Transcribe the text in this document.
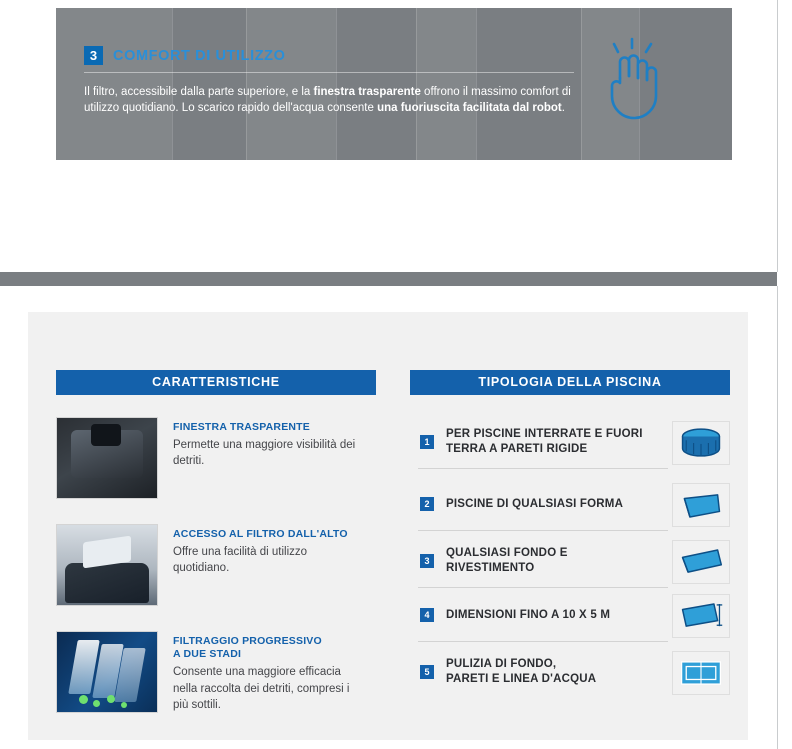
3	COMFORT DI UTILIZZO
Il filtro, accessibile dalla parte superiore, e la finestra trasparente offrono il massimo comfort di utilizzo quotidiano. Lo scarico rapido dell'acqua consente una fuoriuscita facilitata dal robot.
CARATTERISTICHE	TIPOLOGIA DELLA PISCINA
FINESTRA TRASPARENTE
Permette una maggiore visibilità dei detriti.
ACCESSO AL FILTRO DALL'ALTO
Offre una facilità di utilizzo quotidiano.
FILTRAGGIO PROGRESSIVO
A DUE STADI
Consente una maggiore efficacia nella raccolta dei detriti, compresi i più sottili.
1
PER PISCINE INTERRATE E FUORI
TERRA A PARETI RIGIDE
2	PISCINE DI QUALSIASI FORMA
3
QUALSIASI FONDO E RIVESTIMENTO
4	DIMENSIONI FINO A 10 X 5 M
5
PULIZIA DI FONDO,
PARETI E LINEA D'ACQUA
